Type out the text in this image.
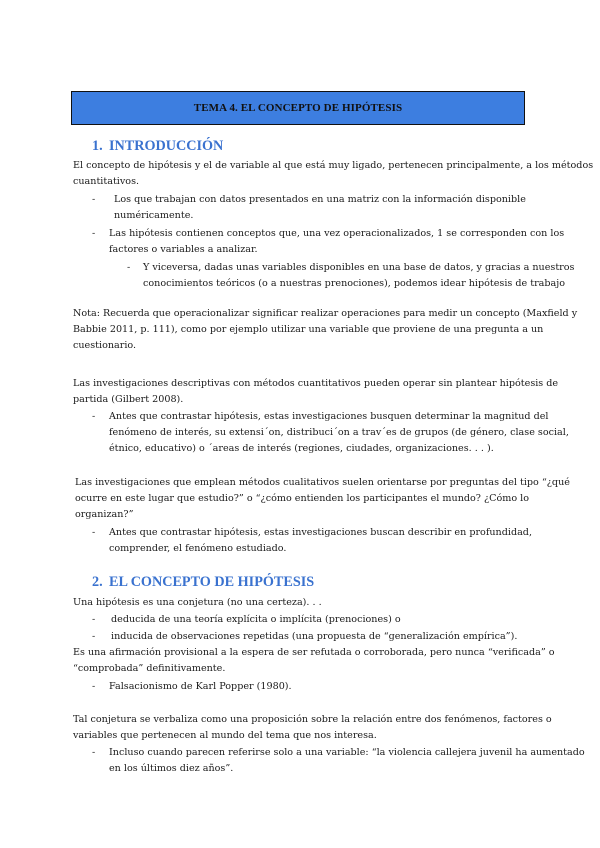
TEMA 4. EL CONCEPTO DE HIPÓTESIS
1. INTRODUCCIÓN
El concepto de hipótesis y el de variable al que está muy ligado, pertenecen principalmente, a los métodos
cuantitativos.
- Los que trabajan con datos presentados en una matriz con la información disponible
numéricamente.
- Las hipótesis contienen conceptos que, una vez operacionalizados, 1 se corresponden con los
factores o variables a analizar.
- Y viceversa, dadas unas variables disponibles en una base de datos, y gracias a nuestros
conocimientos teóricos (o a nuestras prenociones), podemos idear hipótesis de trabajo
Nota: Recuerda que operacionalizar significar realizar operaciones para medir un concepto (Maxfield y
Babbie 2011, p. 111), como por ejemplo utilizar una variable que proviene de una pregunta a un
cuestionario.
Las investigaciones descriptivas con métodos cuantitativos pueden operar sin plantear hipótesis de
partida (Gilbert 2008).
- Antes que contrastar hipótesis, estas investigaciones busquen determinar la magnitud del
fenómeno de interés, su extensi´on, distribuci´on a trav´es de grupos (de género, clase social,
étnico, educativo) o ´areas de interés (regiones, ciudades, organizaciones. . . ).
Las investigaciones que emplean métodos cualitativos suelen orientarse por preguntas del tipo “¿qué
ocurre en este lugar que estudio?” o “¿cómo entienden los participantes el mundo? ¿Cómo lo
organizan?”
- Antes que contrastar hipótesis, estas investigaciones buscan describir en profundidad,
comprender, el fenómeno estudiado.
2. EL CONCEPTO DE HIPÓTESIS
Una hipótesis es una conjetura (no una certeza). . .
- deducida de una teoría explícita o implícita (prenociones) o
- inducida de observaciones repetidas (una propuesta de “generalización empírica”).
Es una afirmación provisional a la espera de ser refutada o corroborada, pero nunca “verificada” o
“comprobada” definitivamente.
- Falsacionismo de Karl Popper (1980).
Tal conjetura se verbaliza como una proposición sobre la relación entre dos fenómenos, factores o
variables que pertenecen al mundo del tema que nos interesa.
- Incluso cuando parecen referirse solo a una variable: “la violencia callejera juvenil ha aumentado
en los últimos diez años”.
